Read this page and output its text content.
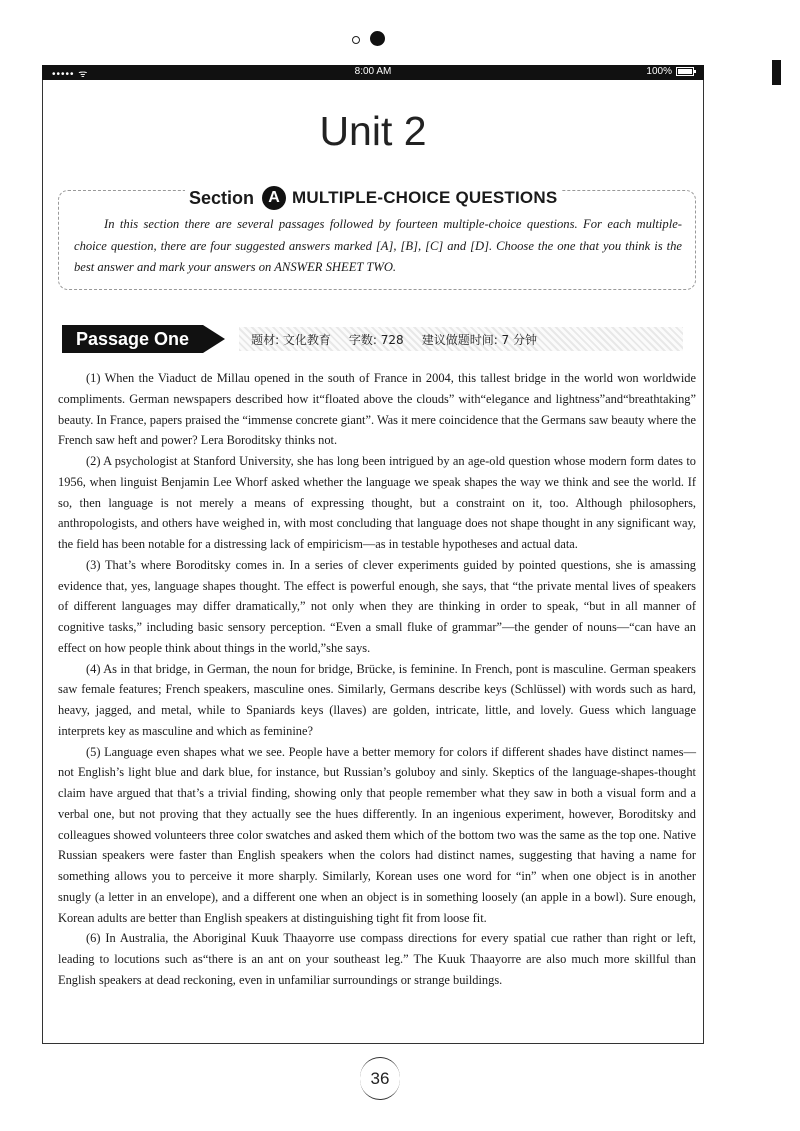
••••• ᯤ	8:00 AM	100%
Unit 2
Section A MULTIPLE-CHOICE QUESTIONS
In this section there are several passages followed by fourteen multiple-choice questions. For each multiple-choice question, there are four suggested answers marked [A], [B], [C] and [D]. Choose the one that you think is the best answer and mark your answers on ANSWER SHEET TWO.
Passage One	题材: 文化教育 字数: 728 建议做题时间: 7 分钟

(1) When the Viaduct de Millau opened in the south of France in 2004, this tallest bridge in the world won worldwide compliments. German newspapers described how it“floated above the clouds” with“elegance and lightness”and“breathtaking” beauty. In France, papers praised the “immense concrete giant”. Was it mere coincidence that the Germans saw beauty where the French saw heft and power? Lera Boroditsky thinks not.

(2) A psychologist at Stanford University, she has long been intrigued by an age-old question whose modern form dates to 1956, when linguist Benjamin Lee Whorf asked whether the language we speak shapes the way we think and see the world. If so, then language is not merely a means of expressing thought, but a constraint on it, too. Although philosophers, anthropologists, and others have weighed in, with most concluding that language does not shape thought in any significant way, the field has been notable for a distressing lack of empiricism—as in testable hypotheses and actual data.

(3) That’s where Boroditsky comes in. In a series of clever experiments guided by pointed questions, she is amassing evidence that, yes, language shapes thought. The effect is powerful enough, she says, that “the private mental lives of speakers of different languages may differ dramatically,” not only when they are thinking in order to speak, “but in all manner of cognitive tasks,” including basic sensory perception. “Even a small fluke of grammar”—the gender of nouns—“can have an effect on how people think about things in the world,”she says.

(4) As in that bridge, in German, the noun for bridge, Brücke, is feminine. In French, pont is masculine. German speakers saw female features; French speakers, masculine ones. Similarly, Germans describe keys (Schlüssel) with words such as hard, heavy, jagged, and metal, while to Spaniards keys (llaves) are golden, intricate, little, and lovely. Guess which language interprets key as masculine and which as feminine?

(5) Language even shapes what we see. People have a better memory for colors if different shades have distinct names—not English’s light blue and dark blue, for instance, but Russian’s goluboy and sinly. Skeptics of the language-shapes-thought claim have argued that that’s a trivial finding, showing only that people remember what they saw in both a visual form and a verbal one, but not proving that they actually see the hues differently. In an ingenious experiment, however, Boroditsky and colleagues showed volunteers three color swatches and asked them which of the bottom two was the same as the top one. Native Russian speakers were faster than English speakers when the colors had distinct names, suggesting that having a name for something allows you to perceive it more sharply. Similarly, Korean uses one word for “in” when one object is in another snugly (a letter in an envelope), and a different one when an object is in something loosely (an apple in a bowl). Sure enough, Korean adults are better than English speakers at distinguishing tight fit from loose fit.

(6) In Australia, the Aboriginal Kuuk Thaayorre use compass directions for every spatial cue rather than right or left, leading to locutions such as“there is an ant on your southeast leg.” The Kuuk Thaayorre are also much more skillful than English speakers at dead reckoning, even in unfamiliar surroundings or strange buildings.

36
